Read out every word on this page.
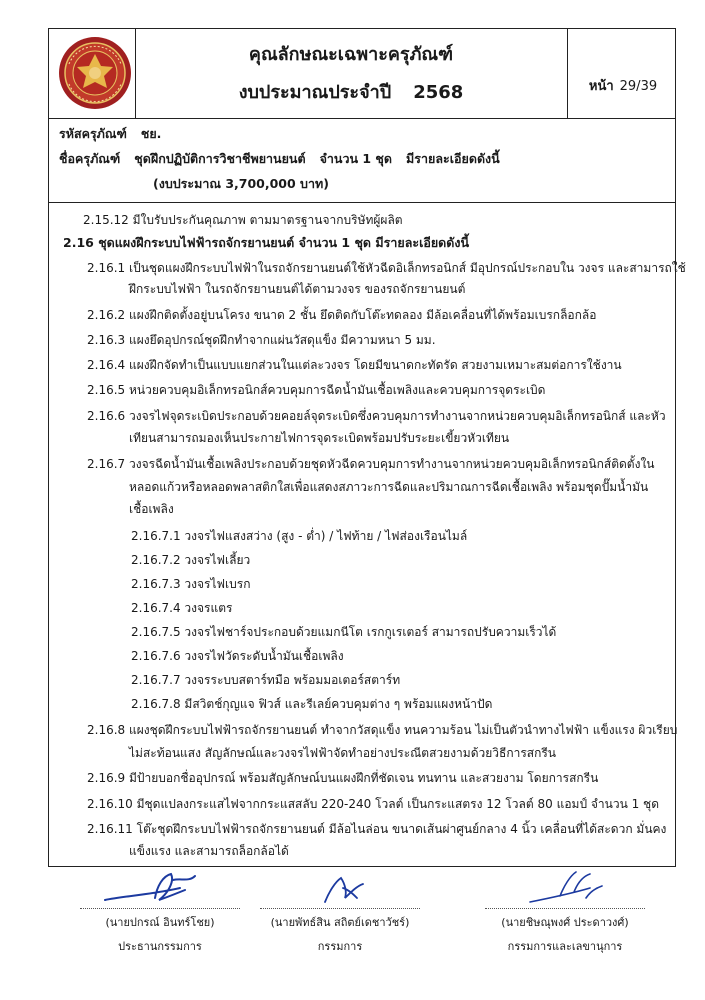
คุณลักษณะเฉพาะครุภัณฑ์
งบประมาณประจำปี 2568	หน้า 29/39
รหัสครุภัณฑ์ ชย.
ชื่อครุภัณฑ์ ชุดฝึกปฏิบัติการวิชาชีพยานยนต์ จำนวน 1 ชุด มีรายละเอียดดังนี้
(งบประมาณ 3,700,000 บาท)
2.15.12 มีใบรับประกันคุณภาพ ตามมาตรฐานจากบริษัทผู้ผลิต
2.16 ชุดแผงฝึกระบบไฟฟ้ารถจักรยานยนต์ จำนวน 1 ชุด มีรายละเอียดดังนี้
2.16.1 เป็นชุดแผงฝึกระบบไฟฟ้าในรถจักรยานยนต์ใช้หัวฉีดอิเล็กทรอนิกส์ มีอุปกรณ์ประกอบใน วงจร และสามารถใช้
ฝึกระบบไฟฟ้า ในรถจักรยานยนต์ได้ตามวงจร ของรถจักรยานยนต์
2.16.2 แผงฝึกติดตั้งอยู่บนโครง ขนาด 2 ชั้น ยึดติดกับโต๊ะทดลอง มีล้อเคลื่อนที่ได้พร้อมเบรกล็อกล้อ
2.16.3 แผงยึดอุปกรณ์ชุดฝึกทำจากแผ่นวัสดุแข็ง มีความหนา 5 มม.
2.16.4 แผงฝึกจัดทำเป็นแบบแยกส่วนในแต่ละวงจร โดยมีขนาดกะทัดรัด สวยงามเหมาะสมต่อการใช้งาน
2.16.5 หน่วยควบคุมอิเล็กทรอนิกส์ควบคุมการฉีดน้ำมันเชื้อเพลิงและควบคุมการจุดระเบิด
2.16.6 วงจรไฟจุดระเบิดประกอบด้วยคอยล์จุดระเบิดซึ่งควบคุมการทำงานจากหน่วยควบคุมอิเล็กทรอนิกส์ และหัว
เทียนสามารถมองเห็นประกายไฟการจุดระเบิดพร้อมปรับระยะเขี้ยวหัวเทียน
2.16.7 วงจรฉีดน้ำมันเชื้อเพลิงประกอบด้วยชุดหัวฉีดควบคุมการทำงานจากหน่วยควบคุมอิเล็กทรอนิกส์ติดตั้งใน
หลอดแก้วหรือหลอดพลาสติกใสเพื่อแสดงสภาวะการฉีดและปริมาณการฉีดเชื้อเพลิง พร้อมชุดปั๊มน้ำมัน
เชื้อเพลิง
2.16.7.1 วงจรไฟแสงสว่าง (สูง - ต่ำ) / ไฟท้าย / ไฟส่องเรือนไมล์
2.16.7.2 วงจรไฟเลี้ยว
2.16.7.3 วงจรไฟเบรก
2.16.7.4 วงจรแตร
2.16.7.5 วงจรไฟชาร์จประกอบด้วยแมกนีโต เรกกูเรเตอร์ สามารถปรับความเร็วได้
2.16.7.6 วงจรไฟวัดระดับน้ำมันเชื้อเพลิง
2.16.7.7 วงจรระบบสตาร์ทมือ พร้อมมอเตอร์สตาร์ท
2.16.7.8 มีสวิตช์กุญแจ ฟิวส์ และรีเลย์ควบคุมต่าง ๆ พร้อมแผงหน้าปัด
2.16.8 แผงชุดฝึกระบบไฟฟ้ารถจักรยานยนต์ ทำจากวัสดุแข็ง ทนความร้อน ไม่เป็นตัวนำทางไฟฟ้า แข็งแรง ผิวเรียบ
ไม่สะท้อนแสง สัญลักษณ์และวงจรไฟฟ้าจัดทำอย่างประณีตสวยงามด้วยวิธีการสกรีน
2.16.9 มีป้ายบอกชื่ออุปกรณ์ พร้อมสัญลักษณ์บนแผงฝึกที่ชัดเจน ทนทาน และสวยงาม โดยการสกรีน
2.16.10 มีชุดแปลงกระแสไฟจากกระแสสลับ 220-240 โวลต์ เป็นกระแสตรง 12 โวลต์ 80 แอมป์ จำนวน 1 ชุด
2.16.11 โต๊ะชุดฝึกระบบไฟฟ้ารถจักรยานยนต์ มีล้อไนล่อน ขนาดเส้นผ่าศูนย์กลาง 4 นิ้ว เคลื่อนที่ได้สะดวก มั่นคง
แข็งแรง และสามารถล็อกล้อได้
(นายปกรณ์ อินทร์โชย)
ประธานกรรมการ
(นายพัทธ์สิน สถิตย์เดชาวัชร์)
กรรมการ
(นายชิษณุพงศ์ ประดาวงศ์)
กรรมการและเลขานุการ
